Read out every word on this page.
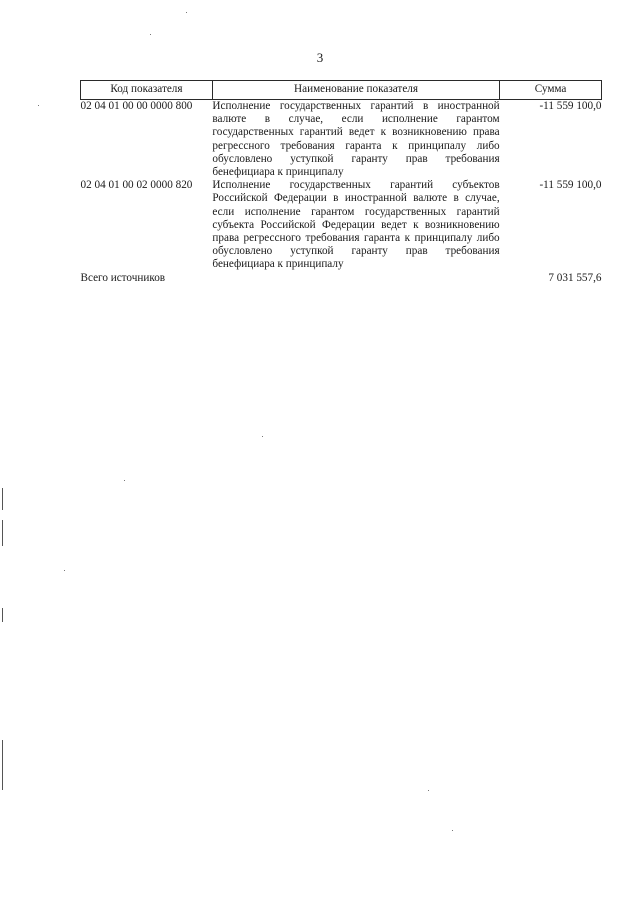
3
Код показателя	Наименование показателя	Сумма
02 04 01 00 00 0000 800	Исполнение государственных гарантий в иностранной валюте в случае, если исполнение гарантом государственных гарантий ведет к возникновению права регрессного требования гаранта к принципалу либо обусловлено уступкой гаранту прав требования бенефициара к принципалу	-11 559 100,0
02 04 01 00 02 0000 820	Исполнение государственных гарантий субъектов Российской Федерации в иностранной валюте в случае, если исполнение гарантом государственных гарантий субъекта Российской Федерации ведет к возникновению права регрессного требования гаранта к принципалу либо обусловлено уступкой гаранту прав требования бенефициара к принципалу	-11 559 100,0
Всего источников		7 031 557,6
